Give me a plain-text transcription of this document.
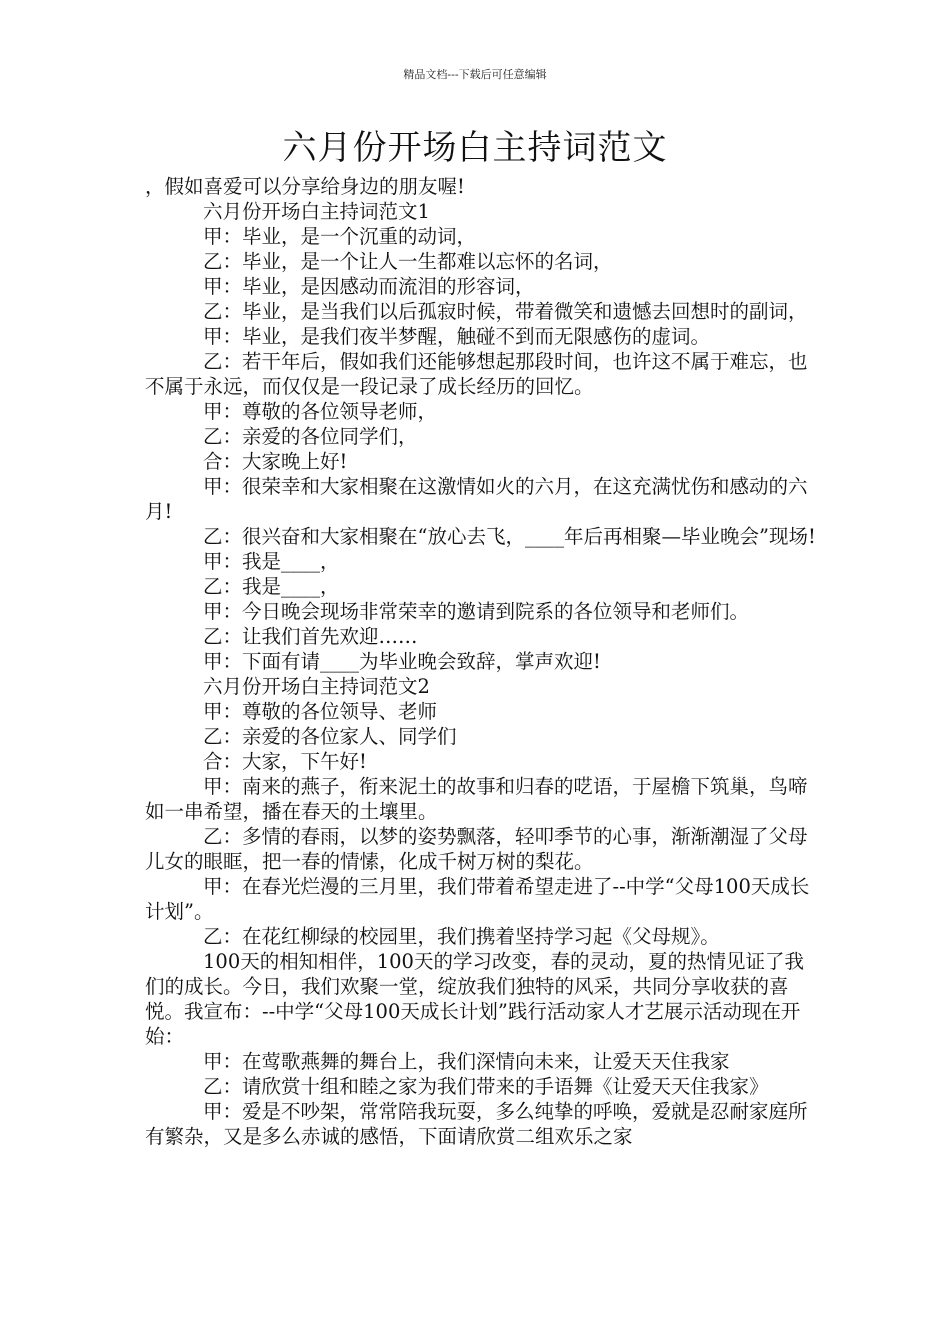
精品文档---下载后可任意编辑
六月份开场白主持词范文

，假如喜爱可以分享给身边的朋友喔!

六月份开场白主持词范文1

甲：毕业，是一个沉重的动词，

乙：毕业，是一个让人一生都难以忘怀的名词，

甲：毕业，是因感动而流泪的形容词，

乙：毕业，是当我们以后孤寂时候，带着微笑和遗憾去回想时的副词，

甲：毕业，是我们夜半梦醒，触碰不到而无限感伤的虚词。

乙：若干年后，假如我们还能够想起那段时间，也许这不属于难忘，也不属于永远，而仅仅是一段记录了成长经历的回忆。

甲：尊敬的各位领导老师，

乙：亲爱的各位同学们，

合：大家晚上好!

甲：很荣幸和大家相聚在这激情如火的六月，在这充满忧伤和感动的六月!

乙：很兴奋和大家相聚在“放心去飞，____年后再相聚—毕业晚会”现场!

甲：我是____，

乙：我是____，

甲：今日晚会现场非常荣幸的邀请到院系的各位领导和老师们。

乙：让我们首先欢迎……

甲：下面有请____为毕业晚会致辞，掌声欢迎!

六月份开场白主持词范文2

甲：尊敬的各位领导、老师

乙：亲爱的各位家人、同学们

合：大家，下午好!

甲：南来的燕子，衔来泥土的故事和归春的呓语，于屋檐下筑巢，鸟啼如一串希望，播在春天的土壤里。

乙：多情的春雨，以梦的姿势飘落，轻叩季节的心事，渐渐潮湿了父母儿女的眼眶，把一春的情愫，化成千树万树的梨花。

甲：在春光烂漫的三月里，我们带着希望走进了--中学“父母100天成长计划”。

乙：在花红柳绿的校园里，我们携着坚持学习起《父母规》。

100天的相知相伴，100天的学习改变，春的灵动，夏的热情见证了我们的成长。今日，我们欢聚一堂，绽放我们独特的风采，共同分享收获的喜悦。我宣布：--中学“父母100天成长计划”践行活动家人才艺展示活动现在开始：

甲：在莺歌燕舞的舞台上，我们深情向未来，让爱天天住我家

乙：请欣赏十组和睦之家为我们带来的手语舞《让爱天天住我家》

甲：爱是不吵架，常常陪我玩耍，多么纯挚的呼唤，爱就是忍耐家庭所有繁杂，又是多么赤诚的感悟，下面请欣赏二组欢乐之家
